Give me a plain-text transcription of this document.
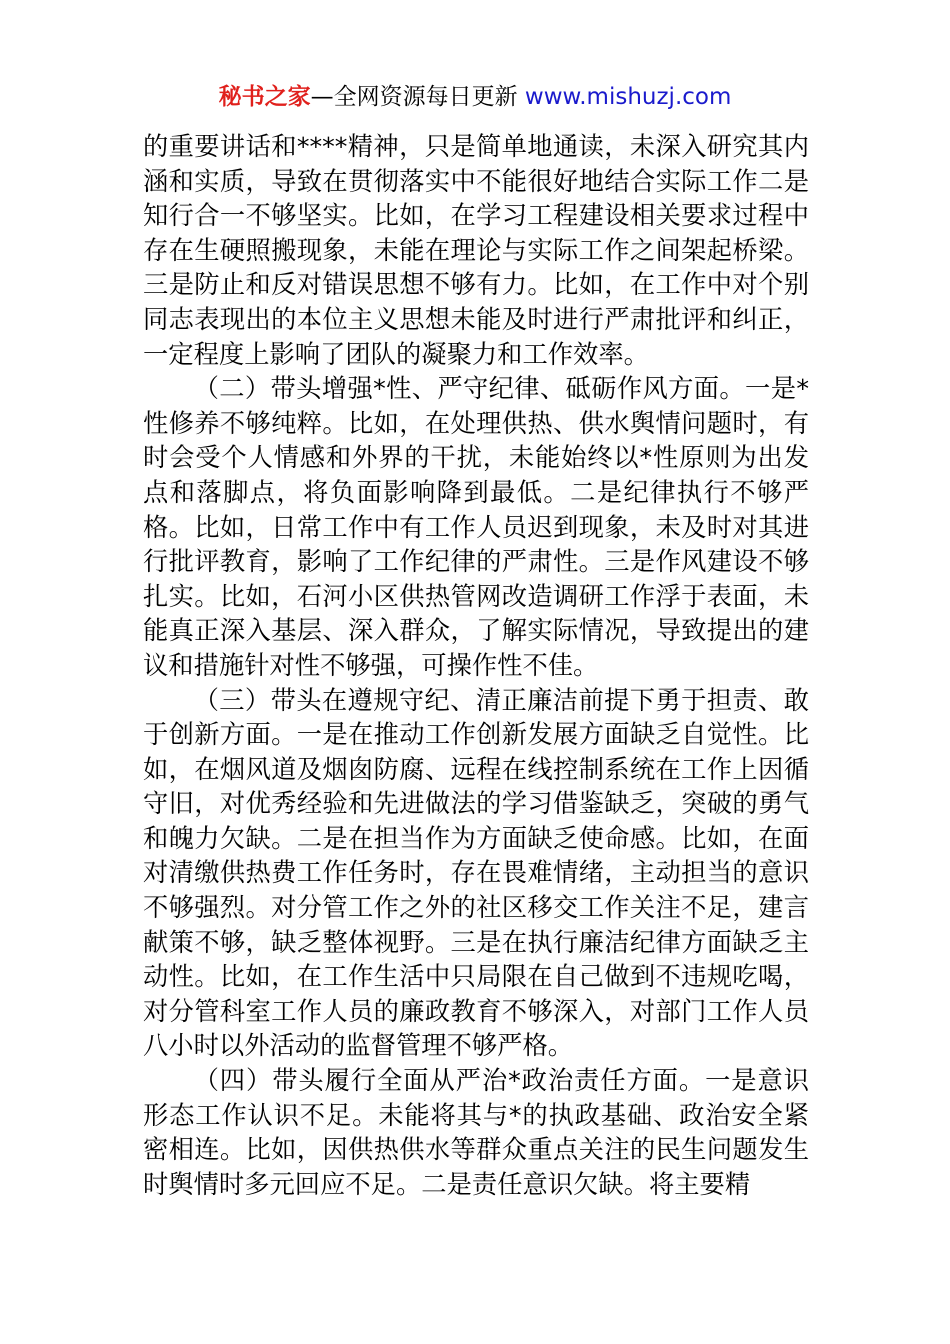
秘书之家—全网资源每日更新 www.mishuzj.com

的重要讲话和****精神，只是简单地通读，未深入研究其内涵和实质，导致在贯彻落实中不能很好地结合实际工作二是知行合一不够坚实。比如，在学习工程建设相关要求过程中存在生硬照搬现象，未能在理论与实际工作之间架起桥梁。三是防止和反对错误思想不够有力。比如，在工作中对个别同志表现出的本位主义思想未能及时进行严肃批评和纠正，一定程度上影响了团队的凝聚力和工作效率。

（二）带头增强*性、严守纪律、砥砺作风方面。一是*性修养不够纯粹。比如，在处理供热、供水舆情问题时，有时会受个人情感和外界的干扰，未能始终以*性原则为出发点和落脚点，将负面影响降到最低。二是纪律执行不够严格。比如，日常工作中有工作人员迟到现象，未及时对其进行批评教育，影响了工作纪律的严肃性。三是作风建设不够扎实。比如，石河小区供热管网改造调研工作浮于表面，未能真正深入基层、深入群众，了解实际情况，导致提出的建议和措施针对性不够强，可操作性不佳。

（三）带头在遵规守纪、清正廉洁前提下勇于担责、敢于创新方面。一是在推动工作创新发展方面缺乏自觉性。比如，在烟风道及烟囱防腐、远程在线控制系统在工作上因循守旧，对优秀经验和先进做法的学习借鉴缺乏，突破的勇气和魄力欠缺。二是在担当作为方面缺乏使命感。比如，在面对清缴供热费工作任务时，存在畏难情绪，主动担当的意识不够强烈。对分管工作之外的社区移交工作关注不足，建言献策不够，缺乏整体视野。三是在执行廉洁纪律方面缺乏主动性。比如，在工作生活中只局限在自己做到不违规吃喝，对分管科室工作人员的廉政教育不够深入，对部门工作人员八小时以外活动的监督管理不够严格。

（四）带头履行全面从严治*政治责任方面。一是意识形态工作认识不足。未能将其与*的执政基础、政治安全紧密相连。比如，因供热供水等群众重点关注的民生问题发生时舆情时多元回应不足。二是责任意识欠缺。将主要精
